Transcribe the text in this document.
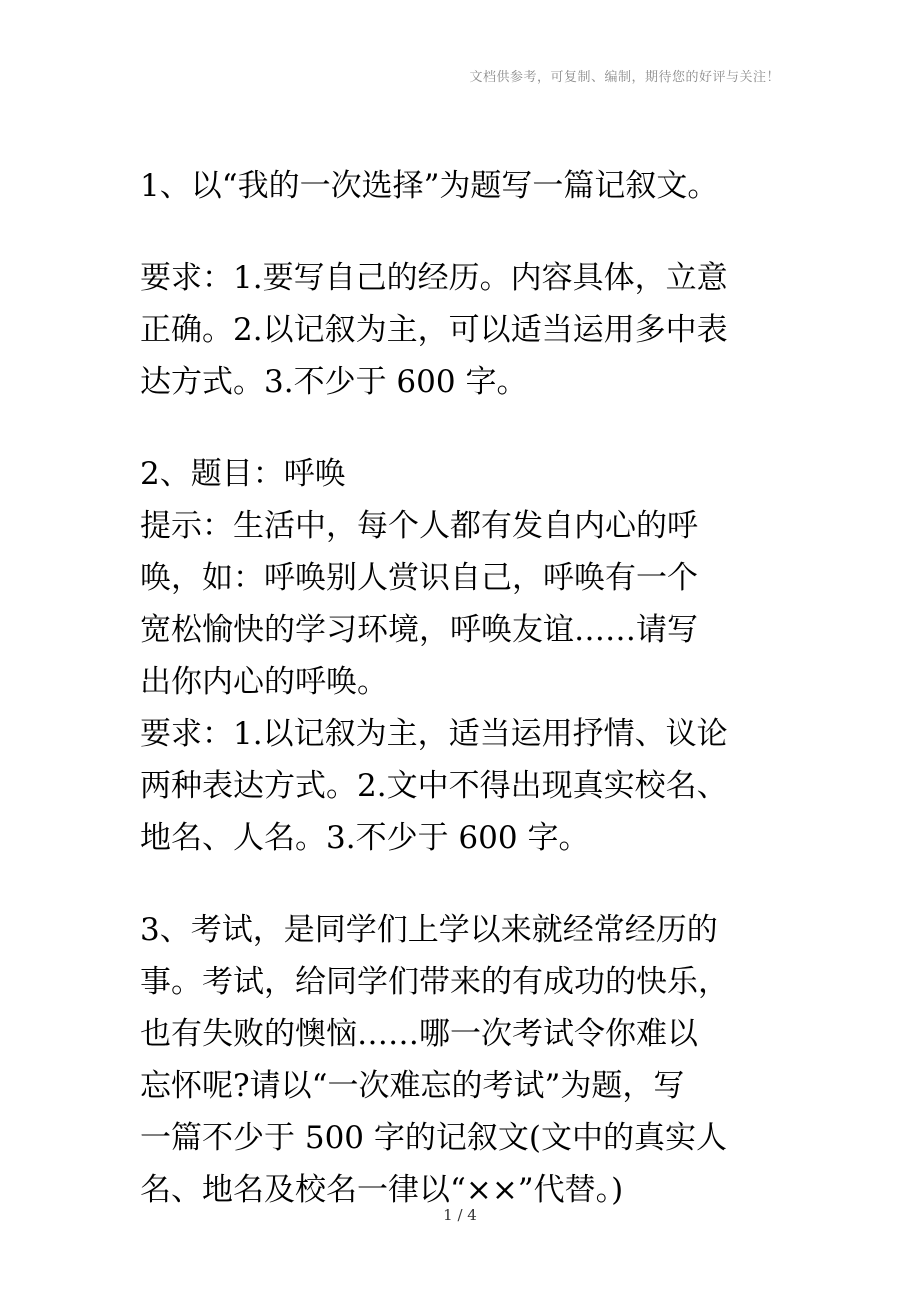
文档供参考，可复制、编制，期待您的好评与关注！
1、以“我的一次选择”为题写一篇记叙文。
要求：1.要写自己的经历。内容具体，立意
正确。2.以记叙为主，可以适当运用多中表
达方式。3.不少于 600 字。
2、题目：呼唤
提示：生活中，每个人都有发自内心的呼
唤，如：呼唤别人赏识自己，呼唤有一个
宽松愉快的学习环境，呼唤友谊……请写
出你内心的呼唤。
要求：1.以记叙为主，适当运用抒情、议论
两种表达方式。2.文中不得出现真实校名、
地名、人名。3.不少于 600 字。
3、考试，是同学们上学以来就经常经历的
事。考试，给同学们带来的有成功的快乐，
也有失败的懊恼……哪一次考试令你难以
忘怀呢?请以“一次难忘的考试”为题，写
一篇不少于 500 字的记叙文(文中的真实人
名、地名及校名一律以“××”代替。)
1 / 4
